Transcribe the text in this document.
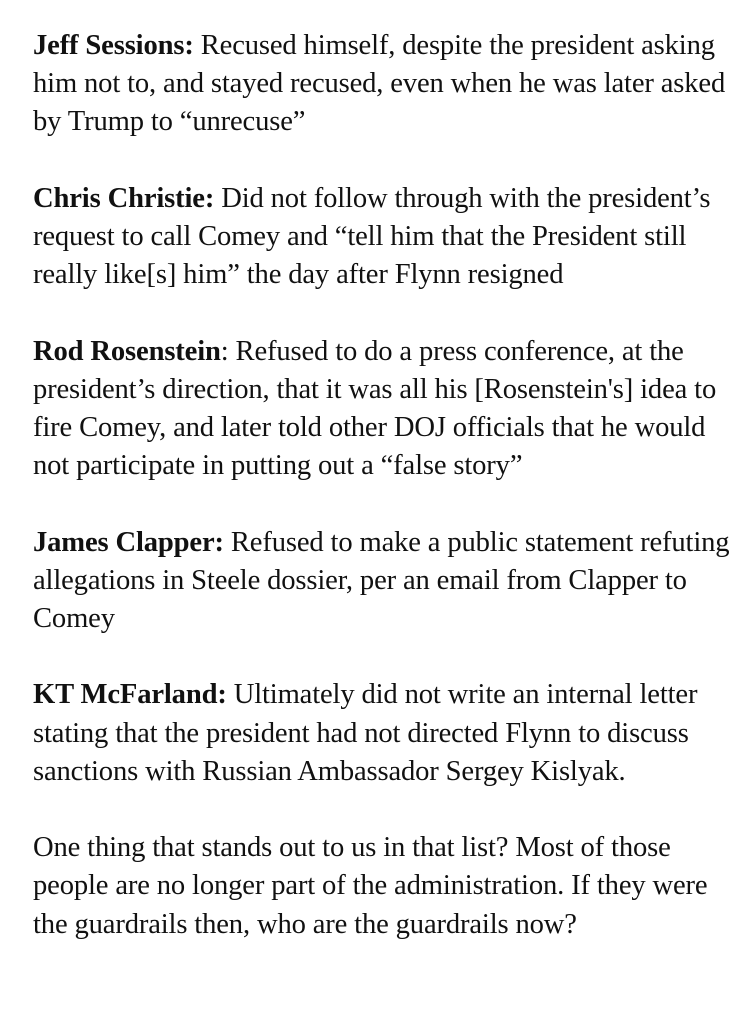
Jeff Sessions: Recused himself, despite the president asking him not to, and stayed recused, even when he was later asked by Trump to “unrecuse”

Chris Christie: Did not follow through with the president’s request to call Comey and “tell him that the President still really like[s] him” the day after Flynn resigned

Rod Rosenstein: Refused to do a press conference, at the president’s direction, that it was all his [Rosenstein's] idea to fire Comey, and later told other DOJ officials that he would not participate in putting out a “false story”

James Clapper: Refused to make a public statement refuting allegations in Steele dossier, per an email from Clapper to Comey

KT McFarland: Ultimately did not write an internal letter stating that the president had not directed Flynn to discuss sanctions with Russian Ambassador Sergey Kislyak.

One thing that stands out to us in that list? Most of those people are no longer part of the administration. If they were the guardrails then, who are the guardrails now?
